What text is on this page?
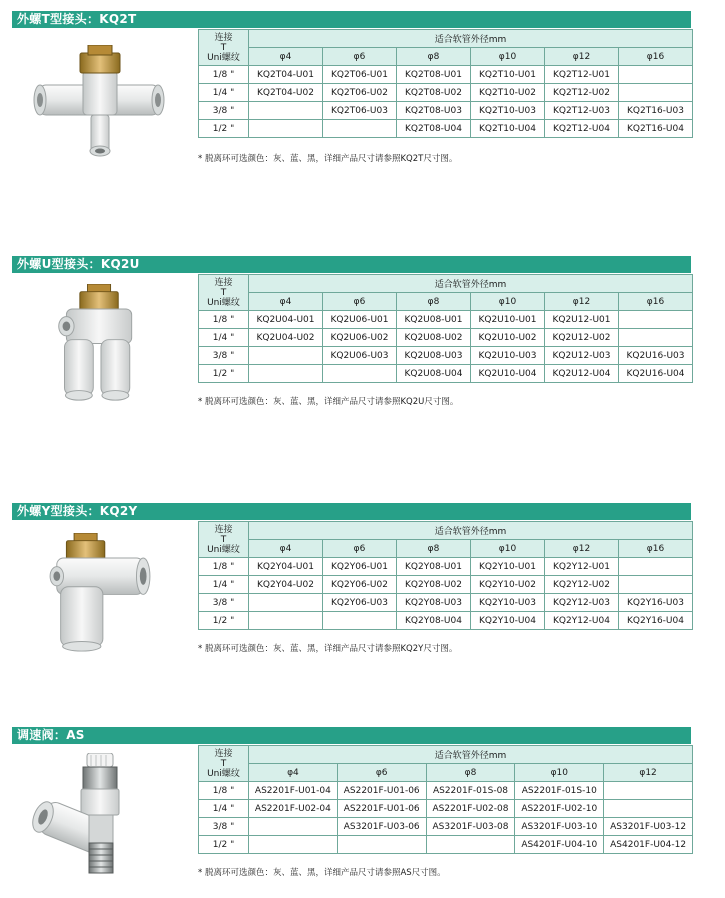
外螺T型接头：KQ2T
连接
T
Uni螺纹	适合软管外径mm					
	φ4	φ6	φ8	φ10	φ12	φ16
1/8 "	KQ2T04-U01	KQ2T06-U01	KQ2T08-U01	KQ2T10-U01	KQ2T12-U01	
1/4 "	KQ2T04-U02	KQ2T06-U02	KQ2T08-U02	KQ2T10-U02	KQ2T12-U02	
3/8 "		KQ2T06-U03	KQ2T08-U03	KQ2T10-U03	KQ2T12-U03	KQ2T16-U03
1/2 "			KQ2T08-U04	KQ2T10-U04	KQ2T12-U04	KQ2T16-U04
* 脱离环可选颜色：灰、蓝、黑，详细产品尺寸请参照KQ2T尺寸图。
外螺U型接头：KQ2U
连接
T
Uni螺纹	适合软管外径mm					
	φ4	φ6	φ8	φ10	φ12	φ16
1/8 "	KQ2U04-U01	KQ2U06-U01	KQ2U08-U01	KQ2U10-U01	KQ2U12-U01	
1/4 "	KQ2U04-U02	KQ2U06-U02	KQ2U08-U02	KQ2U10-U02	KQ2U12-U02	
3/8 "		KQ2U06-U03	KQ2U08-U03	KQ2U10-U03	KQ2U12-U03	KQ2U16-U03
1/2 "			KQ2U08-U04	KQ2U10-U04	KQ2U12-U04	KQ2U16-U04
* 脱离环可选颜色：灰、蓝、黑，详细产品尺寸请参照KQ2U尺寸图。
外螺Y型接头：KQ2Y
连接
T
Uni螺纹	适合软管外径mm					
	φ4	φ6	φ8	φ10	φ12	φ16
1/8 "	KQ2Y04-U01	KQ2Y06-U01	KQ2Y08-U01	KQ2Y10-U01	KQ2Y12-U01	
1/4 "	KQ2Y04-U02	KQ2Y06-U02	KQ2Y08-U02	KQ2Y10-U02	KQ2Y12-U02	
3/8 "		KQ2Y06-U03	KQ2Y08-U03	KQ2Y10-U03	KQ2Y12-U03	KQ2Y16-U03
1/2 "			KQ2Y08-U04	KQ2Y10-U04	KQ2Y12-U04	KQ2Y16-U04
* 脱离环可选颜色：灰、蓝、黑，详细产品尺寸请参照KQ2Y尺寸图。
调速阀：AS
连接
T
Uni螺纹	适合软管外径mm				
	φ4	φ6	φ8	φ10	φ12
1/8 "	AS2201F-U01-04	AS2201F-U01-06	AS2201F-01S-08	AS2201F-01S-10	
1/4 "	AS2201F-U02-04	AS2201F-U01-06	AS2201F-U02-08	AS2201F-U02-10	
3/8 "		AS3201F-U03-06	AS3201F-U03-08	AS3201F-U03-10	AS3201F-U03-12
1/2 "				AS4201F-U04-10	AS4201F-U04-12
* 脱离环可选颜色：灰、蓝、黑，详细产品尺寸请参照AS尺寸图。
